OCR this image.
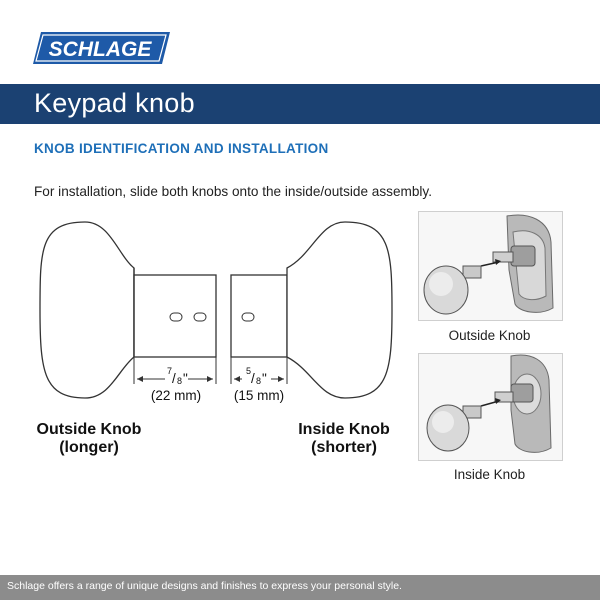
SCHLAGE
Keypad knob
KNOB IDENTIFICATION AND INSTALLATION
For installation, slide both knobs onto the inside/outside assembly.
7 / 8 "
(22 mm)
5 / 8 "
(15 mm)
Outside Knob
(longer)
Inside Knob
(shorter)
Outside Knob
Inside Knob
Schlage offers a range of unique designs and finishes to express your personal style.
